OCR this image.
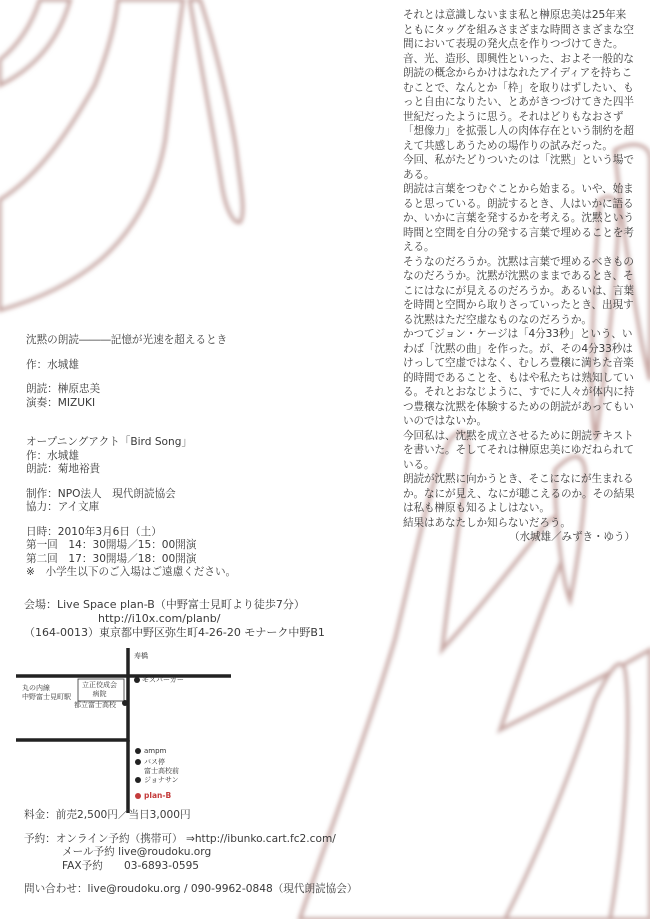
それとは意識しないまま私と榊原忠美は25年来ともにタッグを組みさまざまな時間さまざまな空間において表現の発火点を作りつづけてきた。音、光、造形、即興性といった、およそ一般的な朗読の概念からかけはなれたアイディアを持ちこむことで、なんとか「枠」を取りはずしたい、もっと自由になりたい、とあがきつづけてきた四半世紀だったように思う。それはどりもなおさず「想像力」を拡張し人の肉体存在という制約を超えて共感しあうための場作りの試みだった。

今回、私がたどりついたのは「沈黙」という場である。

朗読は言葉をつむぐことから始まる。いや、始まると思っている。朗読するとき、人はいかに語るか、いかに言葉を発するかを考える。沈黙という時間と空間を自分の発する言葉で埋めることを考える。

そうなのだろうか。沈黙は言葉で埋めるべきものなのだろうか。沈黙が沈黙のままであるとき、そこにはなにが見えるのだろうか。あるいは、言葉を時間と空間から取りさっていったとき、出現する沈黙はただ空虚なものなのだろうか。

かつてジョン・ケージは「4分33秒」という、いわば「沈黙の曲」を作った。が、その4分33秒はけっして空虚ではなく、むしろ豊穣に満ちた音楽的時間であることを、もはや私たちは熟知している。それとおなじように、すでに人々が体内に持つ豊穣な沈黙を体験するための朗読があってもいいのではないか。

今回私は、沈黙を成立させるために朗読テキストを書いた。そしてそれは榊原忠美にゆだねられている。

朗読が沈黙に向かうとき、そこになにが生まれるか。なにが見え、なにが聴こえるのか。その結果は私も榊原も知るよしはない。

結果はあなたしか知らないだろう。

（水城雄／みずき・ゆう）

沈黙の朗読―――記憶が光速を超えるとき
作：水城雄
朗読：榊原忠美
演奏：MIZUKI
オープニングアクト「Bird Song」
作：水城雄
朗読：菊地裕貴
制作：NPO法人　現代朗読協会
協力：アイ文庫
日時：2010年3月6日（土）
第一回　14：30開場／15：00開演
第二回　17：30開場／18：00開演
※　小学生以下のご入場はご遠慮ください。
会場：Live Space plan-B（中野富士見町より徒歩7分）
http://i10x.com/planb/
（164-0013）東京都中野区弥生町4-26-20 モナーク中野B1
寿橋
丸の内線
中野富士見町駅
立正佼成会
病院
モスバーガー
都立富士高校
ampm
バス停
富士高校前
ジョナサン
plan-B
料金：前売2,500円／当日3,000円
予約：オンライン予約（携帯可） ⇒http://ibunko.cart.fc2.com/
メール予約 live@roudoku.org
FAX予約　　03-6893-0595
問い合わせ：live@roudoku.org / 090-9962-0848（現代朗読協会）
